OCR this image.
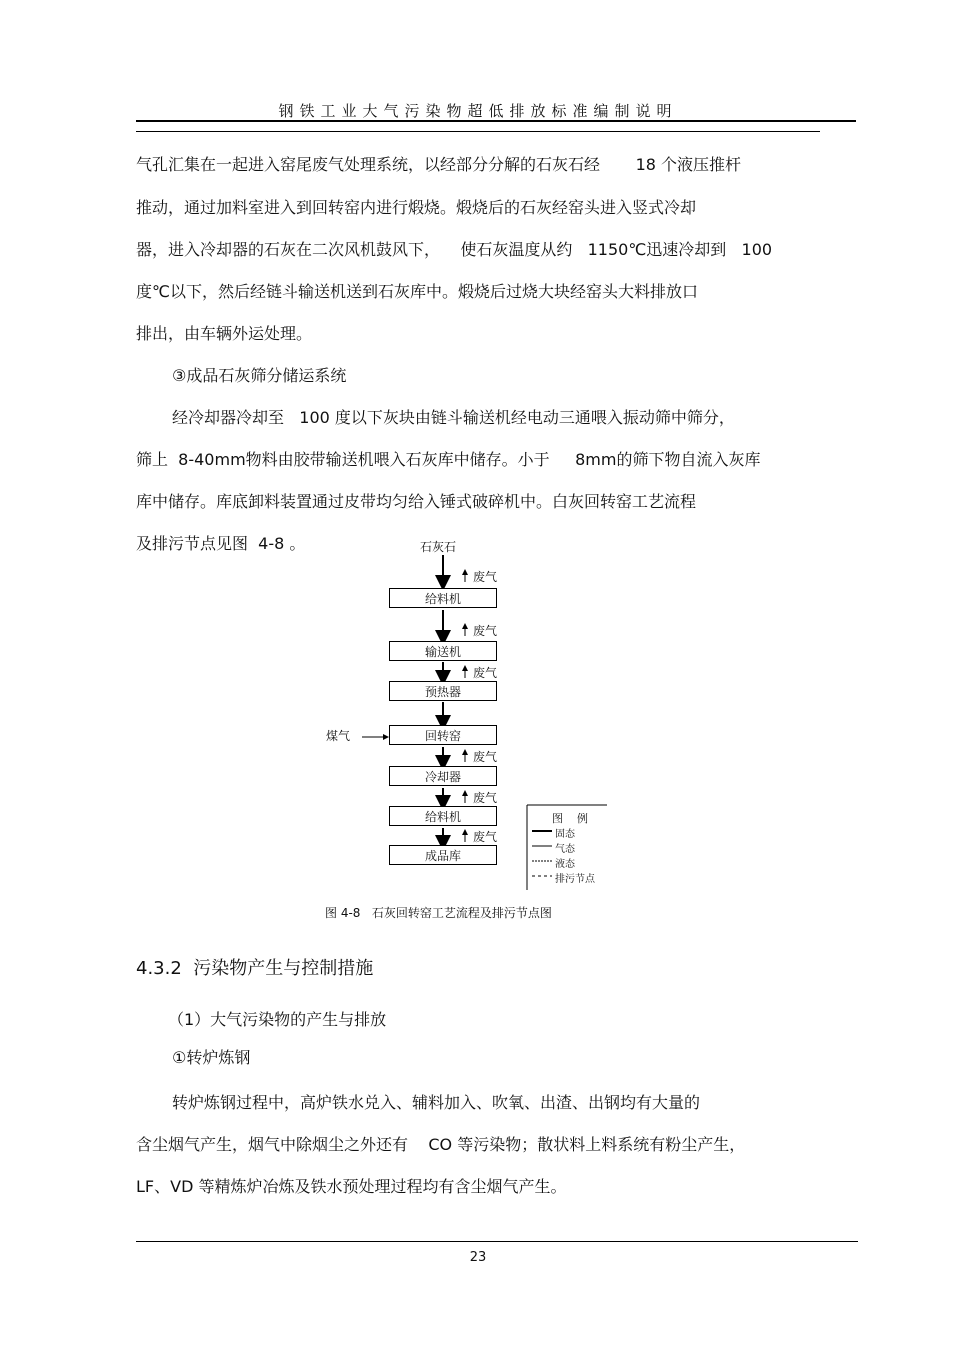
钢铁工业大气污染物超低排放标准编制说明
气孔汇集在一起进入窑尾废气处理系统，以经部分分解的石灰石经       18 个液压推杆
推动，通过加料室进入到回转窑内进行煅烧。煅烧后的石灰经窑头进入竖式冷却
器，进入冷却器的石灰在二次风机鼓风下，    使石灰温度从约   1150℃迅速冷却到   100
度℃以下，然后经链斗输送机送到石灰库中。煅烧后过烧大块经窑头大料排放口
排出，由车辆外运处理。
③成品石灰筛分储运系统
经冷却器冷却至   100 度以下灰块由链斗输送机经电动三通喂入振动筛中筛分，
筛上  8-40mm物料由胶带输送机喂入石灰库中储存。小于     8mm的筛下物自流入灰库
库中储存。库底卸料装置通过皮带均匀给入锤式破碎机中。白灰回转窑工艺流程
及排污节点见图  4-8 。	石灰石
废气
给料机
废气
输送机
废气
预热器
煤气	回转窑
废气
冷却器
废气
给料机
废气
成品库
图    例
固态
气态
液态
排污节点
图 4-8   石灰回转窑工艺流程及排污节点图
4.3.2  污染物产生与控制措施
（1）大气污染物的产生与排放
①转炉炼钢
转炉炼钢过程中，高炉铁水兑入、辅料加入、吹氧、出渣、出钢均有大量的
含尘烟气产生，烟气中除烟尘之外还有    CO 等污染物；散状料上料系统有粉尘产生，
LF、VD 等精炼炉冶炼及铁水预处理过程均有含尘烟气产生。
23
